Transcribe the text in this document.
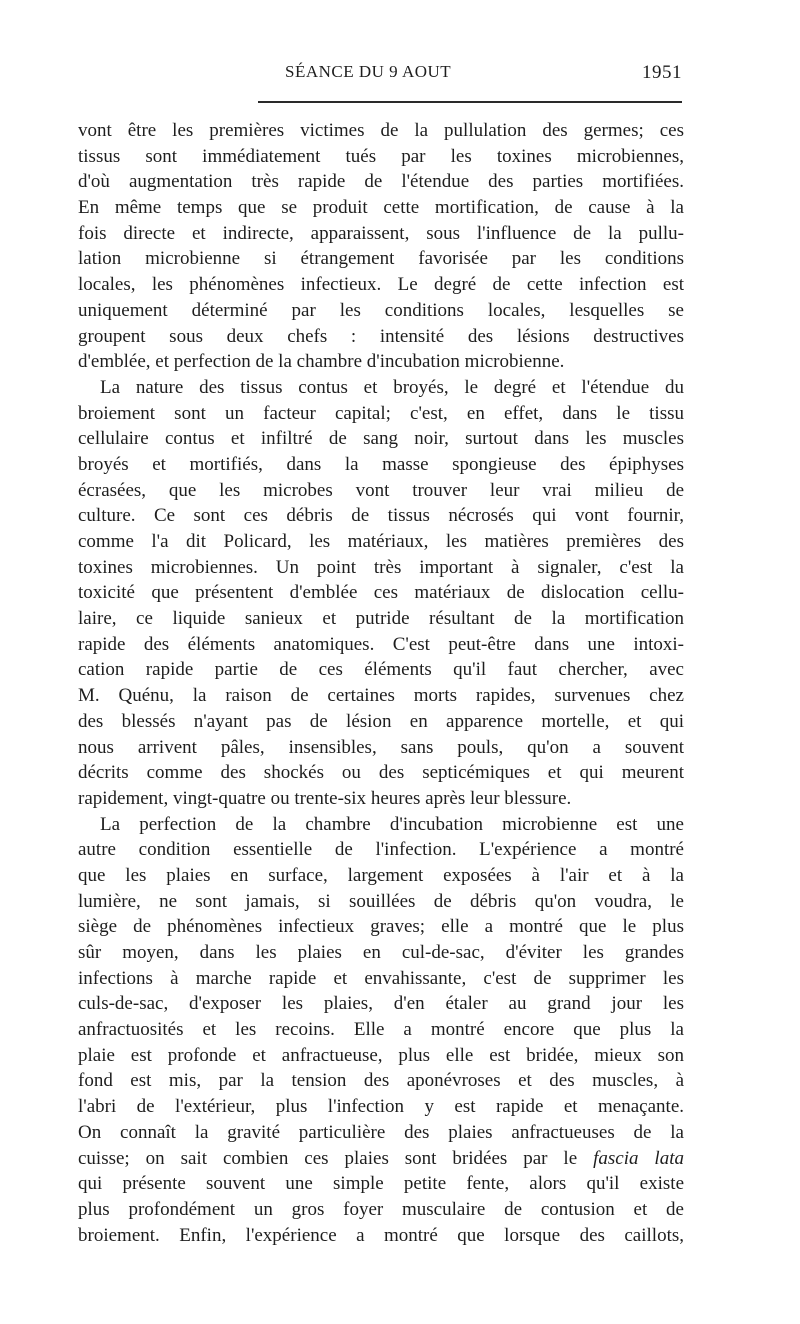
SÉANCE DU 9 AOUT	1951
vont être les premières victimes de la pullulation des germes; ces
tissus sont immédiatement tués par les toxines microbiennes,
d'où augmentation très rapide de l'étendue des parties mortifiées.
En même temps que se produit cette mortification, de cause à la
fois directe et indirecte, apparaissent, sous l'influence de la pullu-
lation microbienne si étrangement favorisée par les conditions
locales, les phénomènes infectieux. Le degré de cette infection est
uniquement déterminé par les conditions locales, lesquelles se
groupent sous deux chefs : intensité des lésions destructives
d'emblée, et perfection de la chambre d'incubation microbienne.
La nature des tissus contus et broyés, le degré et l'étendue du
broiement sont un facteur capital; c'est, en effet, dans le tissu
cellulaire contus et infiltré de sang noir, surtout dans les muscles
broyés et mortifiés, dans la masse spongieuse des épiphyses
écrasées, que les microbes vont trouver leur vrai milieu de
culture. Ce sont ces débris de tissus nécrosés qui vont fournir,
comme l'a dit Policard, les matériaux, les matières premières des
toxines microbiennes. Un point très important à signaler, c'est la
toxicité que présentent d'emblée ces matériaux de dislocation cellu-
laire, ce liquide sanieux et putride résultant de la mortification
rapide des éléments anatomiques. C'est peut-être dans une intoxi-
cation rapide partie de ces éléments qu'il faut chercher, avec
M. Quénu, la raison de certaines morts rapides, survenues chez
des blessés n'ayant pas de lésion en apparence mortelle, et qui
nous arrivent pâles, insensibles, sans pouls, qu'on a souvent
décrits comme des shockés ou des septicémiques et qui meurent
rapidement, vingt-quatre ou trente-six heures après leur blessure.
La perfection de la chambre d'incubation microbienne est une
autre condition essentielle de l'infection. L'expérience a montré
que les plaies en surface, largement exposées à l'air et à la
lumière, ne sont jamais, si souillées de débris qu'on voudra, le
siège de phénomènes infectieux graves; elle a montré que le plus
sûr moyen, dans les plaies en cul-de-sac, d'éviter les grandes
infections à marche rapide et envahissante, c'est de supprimer les
culs-de-sac, d'exposer les plaies, d'en étaler au grand jour les
anfractuosités et les recoins. Elle a montré encore que plus la
plaie est profonde et anfractueuse, plus elle est bridée, mieux son
fond est mis, par la tension des aponévroses et des muscles, à
l'abri de l'extérieur, plus l'infection y est rapide et menaçante.
On connaît la gravité particulière des plaies anfractueuses de la
cuisse; on sait combien ces plaies sont bridées par le fascia lata
qui présente souvent une simple petite fente, alors qu'il existe
plus profondément un gros foyer musculaire de contusion et de
broiement. Enfin, l'expérience a montré que lorsque des caillots,
